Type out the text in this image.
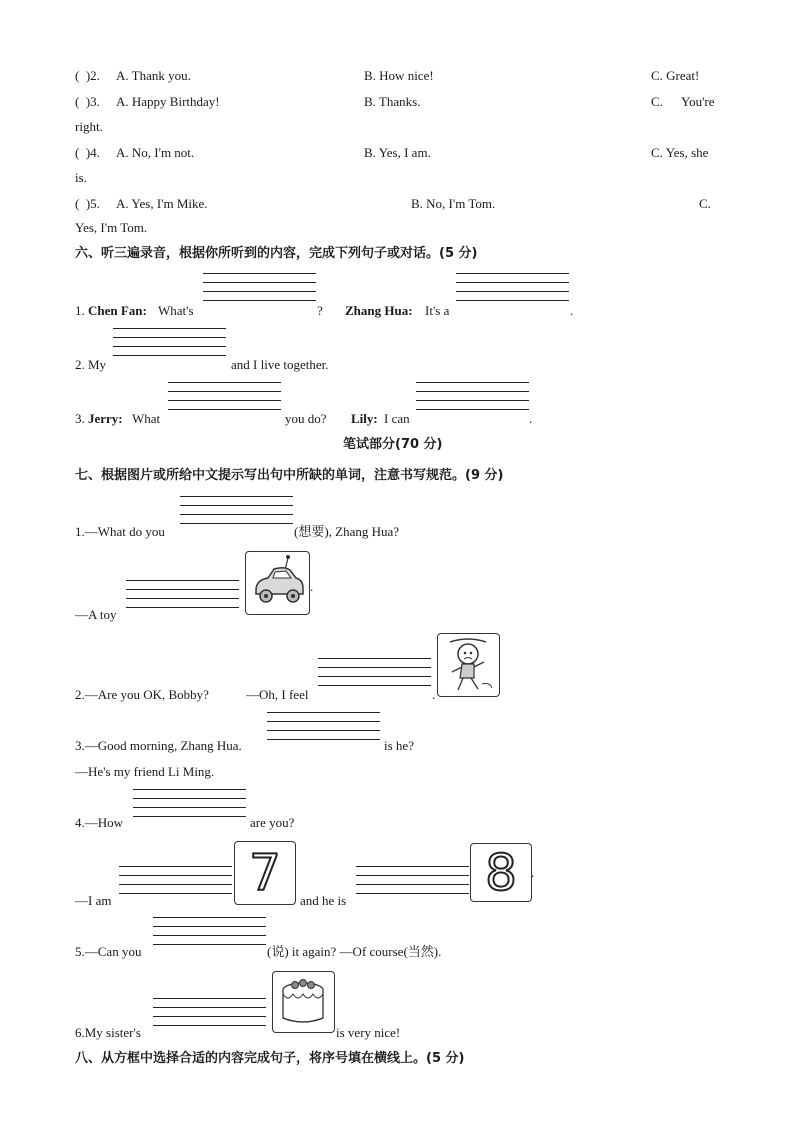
(  )2. A. Thank you.	B. How nice!	C. Great!
(  )3. A. Happy Birthday!	B. Thanks.	C. You're
right.
(  )4. A. No, I'm not.	B. Yes, I am.	C. Yes, she
is.
(  )5. A. Yes, I'm Mike.	B. No, I'm Tom.	C.
Yes, I'm Tom.
六、听三遍录音，根据你所听到的内容，完成下列句子或对话。(5 分)
1. Chen Fan: What's	? Zhang Hua: It's a	.
2. My	and I live together.
3. Jerry: What	you do? Lily: I can	.
笔试部分(70 分)
七、根据图片或所给中文提示写出句中所缺的单词，注意书写规范。(9 分)
1.—What do you	(想要), Zhang Hua?
—A toy
.
2.—Are you OK, Bobby?	—Oh, I feel	.
3.—Good morning, Zhang Hua.	is he?
—He's my friend Li Ming.
4.—How	are you?
—I am	7	and he is	8	.
5.—Can you	(说) it again? —Of course(当然).
6.My sister's	is very nice!
八、从方框中选择合适的内容完成句子，将序号填在横线上。(5 分)
